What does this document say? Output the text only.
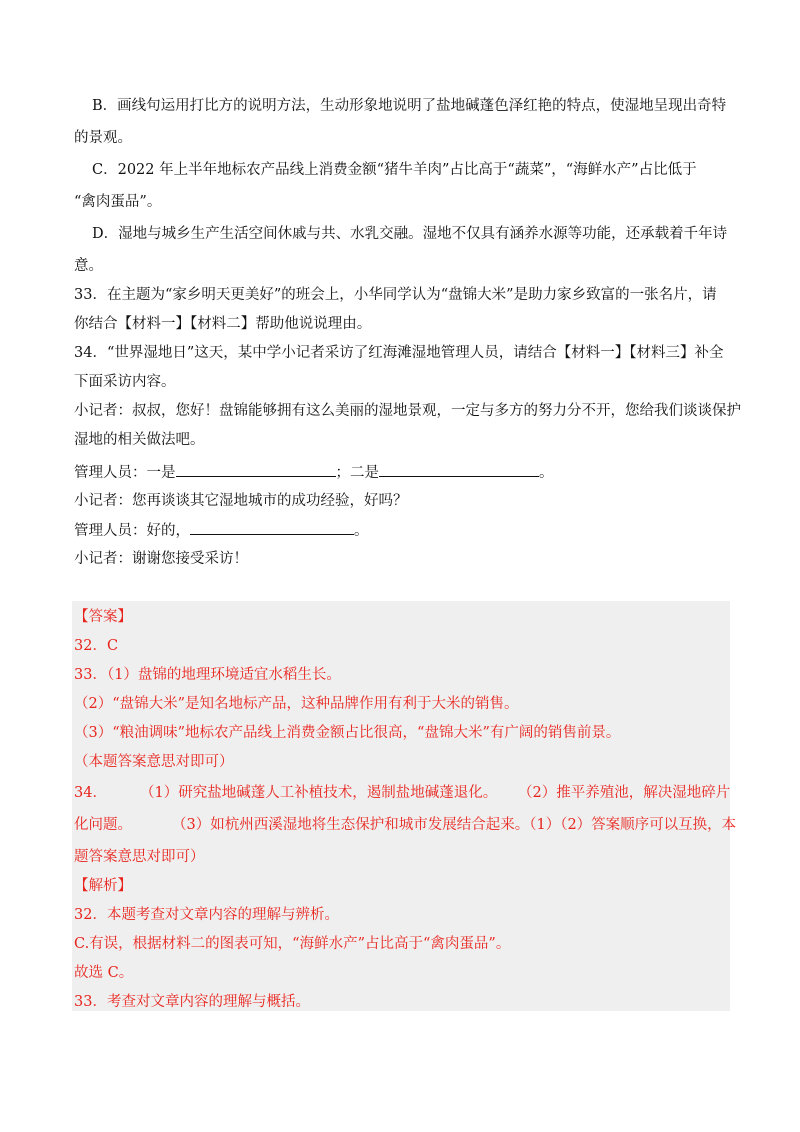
B．画线句运用打比方的说明方法，生动形象地说明了盐地碱蓬色泽红艳的特点，使湿地呈现出奇特
的景观。
C．2022 年上半年地标农产品线上消费金额“猪牛羊肉”占比高于“蔬菜”，“海鲜水产”占比低于
“禽肉蛋品”。
D．湿地与城乡生产生活空间休戚与共、水乳交融。湿地不仅具有涵养水源等功能，还承载着千年诗
意。
33．在主题为“家乡明天更美好”的班会上，小华同学认为“盘锦大米”是助力家乡致富的一张名片，请
你结合【材料一】【材料二】帮助他说说理由。
34．“世界湿地日”这天，某中学小记者采访了红海滩湿地管理人员，请结合【材料一】【材料三】补全
下面采访内容。
小记者：叔叔，您好！盘锦能够拥有这么美丽的湿地景观，一定与多方的努力分不开，您给我们谈谈保护
湿地的相关做法吧。
管理人员：一是	；二是	。
小记者：您再谈谈其它湿地城市的成功经验，好吗？
管理人员：好的，	。
小记者：谢谢您接受采访！
【答案】
32．C
33．（1）盘锦的地理环境适宜水稻生长。
（2）“盘锦大米”是知名地标产品，这种品牌作用有利于大米的销售。
（3）“粮油调味”地标农产品线上消费金额占比很高，“盘锦大米”有广阔的销售前景。
（本题答案意思对即可）
34． （1）研究盐地碱蓬人工补植技术，遏制盐地碱蓬退化。 （2）推平养殖池，解决湿地碎片
化问题。	（3）如杭州西溪湿地将生态保护和城市发展结合起来。（1）（2）答案顺序可以互换，本
题答案意思对即可）
【解析】
32．本题考查对文章内容的理解与辨析。
C.有误，根据材料二的图表可知，“海鲜水产”占比高于“禽肉蛋品”。
故选 C。
33．考查对文章内容的理解与概括。
